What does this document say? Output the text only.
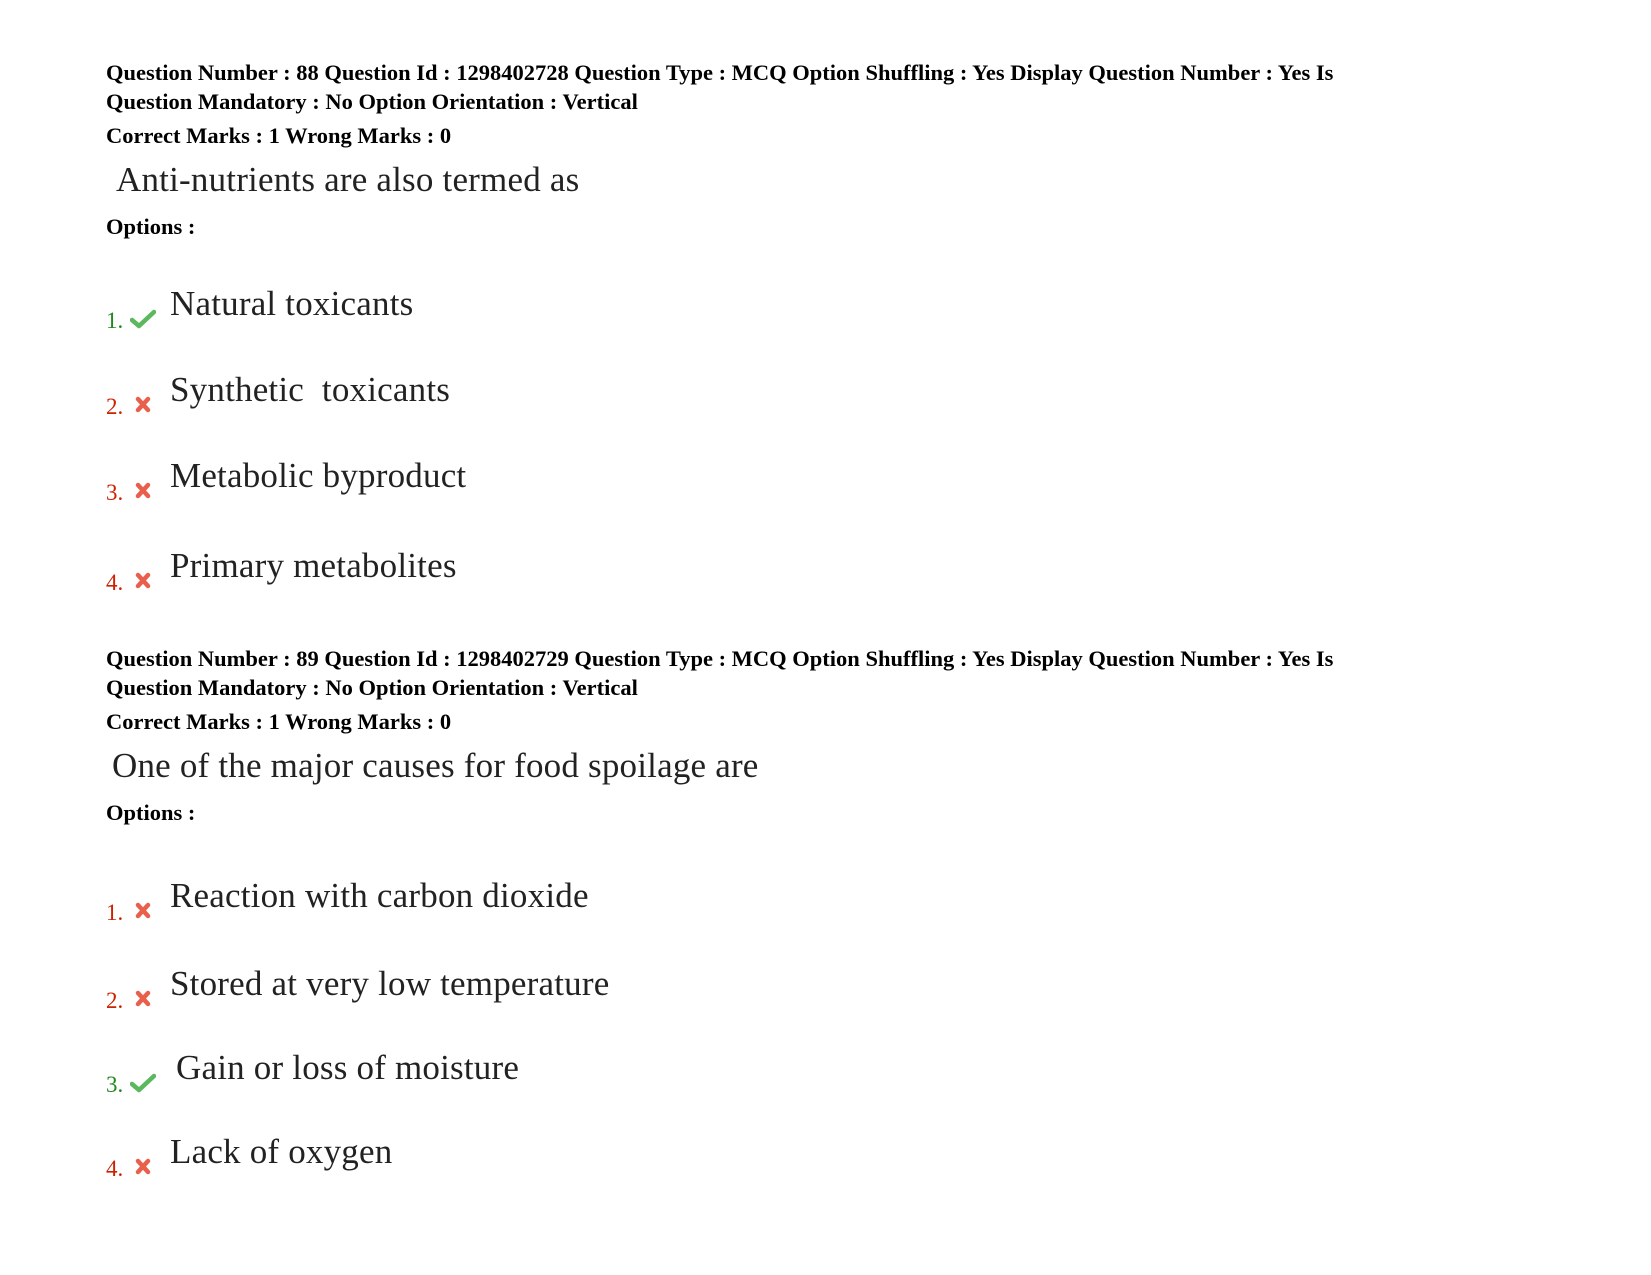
Question Number : 88 Question Id : 1298402728 Question Type : MCQ Option Shuffling : Yes Display Question Number : Yes Is
Question Mandatory : No Option Orientation : Vertical

Correct Marks : 1 Wrong Marks : 0
Anti-nutrients are also termed as
Options :
1. Natural toxicants
2. Synthetic  toxicants
3. Metabolic byproduct
4. Primary metabolites

Question Number : 89 Question Id : 1298402729 Question Type : MCQ Option Shuffling : Yes Display Question Number : Yes Is
Question Mandatory : No Option Orientation : Vertical

Correct Marks : 1 Wrong Marks : 0
One of the major causes for food spoilage are
Options :
1. Reaction with carbon dioxide
2. Stored at very low temperature
3. Gain or loss of moisture
4. Lack of oxygen
